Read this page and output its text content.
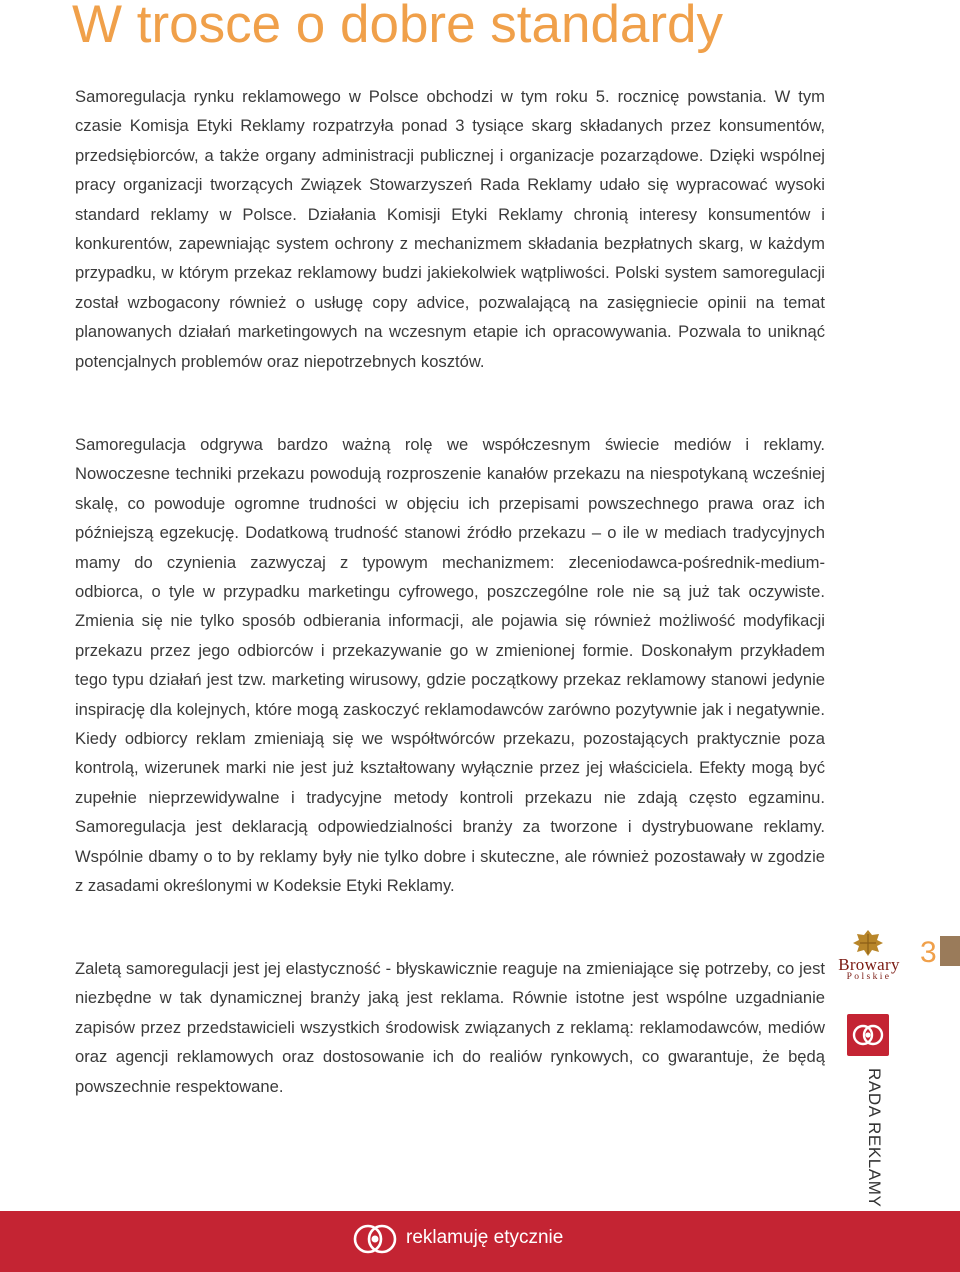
W trosce o dobre standardy

Samoregulacja rynku reklamowego w Polsce obchodzi w tym roku 5. rocznicę powstania. W tym czasie Komisja Etyki Reklamy rozpatrzyła ponad 3 tysiące skarg składanych przez konsumentów, przedsiębiorców, a także organy administracji publicznej i organizacje pozarządowe. Dzięki wspólnej pracy organizacji tworzących Związek Stowarzyszeń Rada Reklamy udało się wypracować wysoki standard reklamy w Polsce. Działania Komisji Etyki Reklamy chronią interesy konsumentów i konkurentów, zapewniając system ochrony z mechanizmem składania bezpłatnych skarg, w każdym przypadku, w którym przekaz reklamowy budzi jakiekolwiek wątpliwości. Polski system samoregulacji został wzbogacony również o usługę copy advice, pozwalającą na zasięgniecie opinii na temat planowanych działań marketingowych na wczesnym etapie ich opracowywania. Pozwala to uniknąć potencjalnych problemów oraz niepotrzebnych kosztów.

Samoregulacja odgrywa bardzo ważną rolę we współczesnym świecie mediów i reklamy. Nowoczesne techniki przekazu powodują rozproszenie kanałów przekazu na niespotykaną wcześniej skalę, co powoduje ogromne trudności w objęciu ich przepisami powszechnego prawa oraz ich późniejszą egzekucję. Dodatkową trudność stanowi źródło przekazu – o ile w mediach tradycyjnych mamy do czynienia zazwyczaj z typowym mechanizmem: zleceniodawca-pośrednik-medium-odbiorca, o tyle w przypadku marketingu cyfrowego, poszczególne role nie są już tak oczywiste. Zmienia się nie tylko sposób odbierania informacji, ale pojawia się również możliwość modyfikacji przekazu przez jego odbiorców i przekazywanie go w zmienionej formie. Doskonałym przykładem tego typu działań jest tzw. marketing wirusowy, gdzie początkowy przekaz reklamowy stanowi jedynie inspirację dla kolejnych, które mogą zaskoczyć reklamodawców zarówno pozytywnie jak i negatywnie. Kiedy odbiorcy reklam zmieniają się we współtwórców przekazu, pozostających praktycznie poza kontrolą, wizerunek marki nie jest już kształtowany wyłącznie przez jej właściciela. Efekty mogą być zupełnie nieprzewidywalne i tradycyjne metody kontroli przekazu nie zdają często egzaminu. Samoregulacja jest deklaracją odpowiedzialności branży za tworzone i dystrybuowane reklamy. Wspólnie dbamy o to by reklamy były nie tylko dobre i skuteczne, ale również pozostawały w zgodzie z zasadami określonymi w Kodeksie Etyki Reklamy.

Zaletą samoregulacji jest jej elastyczność - błyskawicznie reaguje na zmieniające się potrzeby, co jest niezbędne w tak dynamicznej branży jaką jest reklama. Równie istotne jest wspólne uzgadnianie zapisów przez przedstawicieli wszystkich środowisk związanych z reklamą: reklamodawców, mediów oraz agencji reklamowych oraz dostosowanie ich do realiów rynkowych, co gwarantuje, że będą powszechnie respektowane.

Browary
Polskie
3
RADA REKLAMY
reklamuję etycznie
